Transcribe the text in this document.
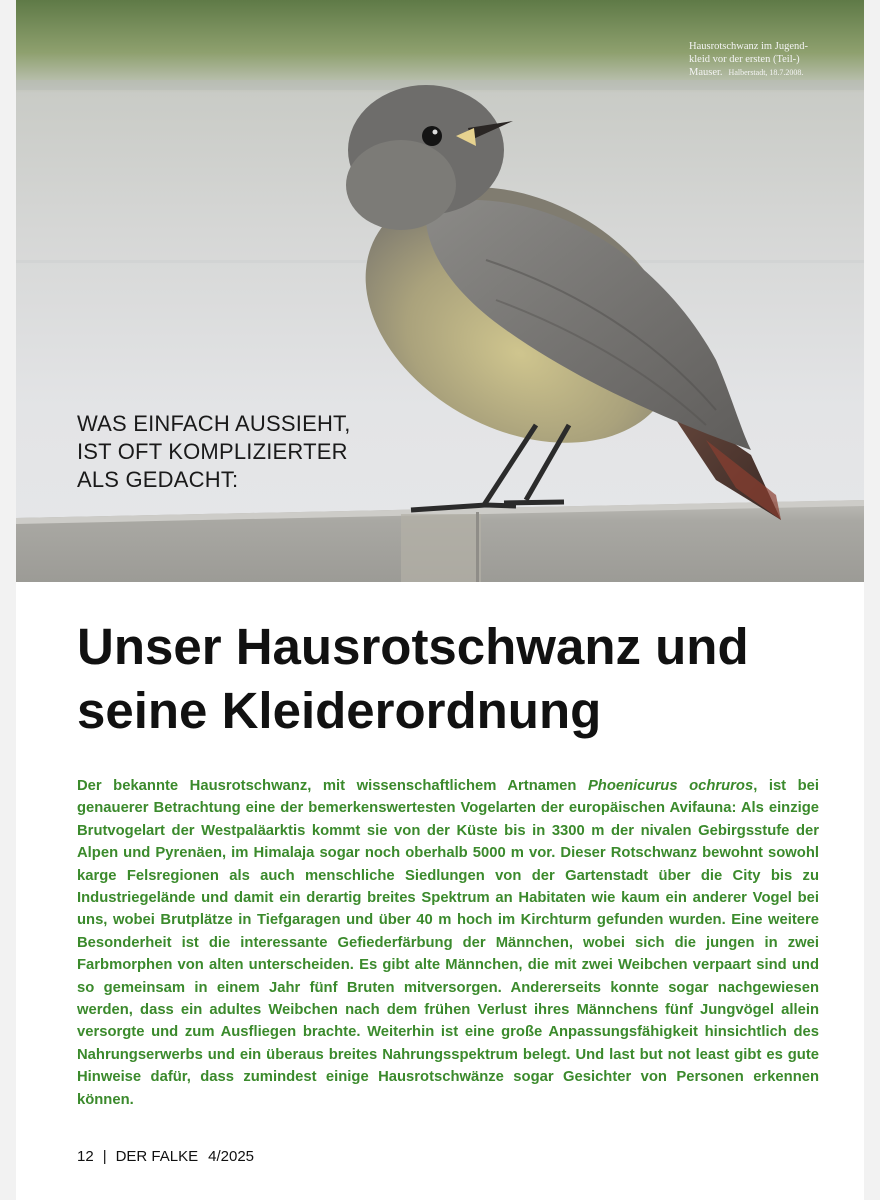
Hausrotschwanz im Jugend-
kleid vor der ersten (Teil-)
Mauser. Halberstadt, 18.7.2008.
WAS EINFACH AUSSIEHT,
IST OFT KOMPLIZIERTER
ALS GEDACHT:
Unser Hausrotschwanz und
seine Kleiderordnung

Der bekannte Hausrotschwanz, mit wissenschaftlichem Artnamen Phoenicurus ochruros, ist bei genauerer Betrachtung eine der bemerkenswertesten Vogelarten der europäischen Avifauna: Als einzige Brutvogelart der Westpaläarktis kommt sie von der Küste bis in 3300 m der nivalen Gebirgsstufe der Alpen und Pyrenäen, im Himalaja sogar noch oberhalb 5000 m vor. Dieser Rotschwanz bewohnt sowohl karge Felsregionen als auch menschliche Siedlungen von der Gartenstadt über die City bis zu Industriegelände und damit ein derartig breites Spektrum an Habitaten wie kaum ein anderer Vogel bei uns, wobei Brutplätze in Tiefgaragen und über 40 m hoch im Kirchturm gefunden wurden. Eine weitere Besonderheit ist die interessante Gefiederfärbung der Männchen, wobei sich die jungen in zwei Farbmorphen von alten unterscheiden. Es gibt alte Männchen, die mit zwei Weibchen verpaart sind und so gemeinsam in einem Jahr fünf Bruten mitversorgen. Andererseits konnte sogar nachgewiesen werden, dass ein adultes Weibchen nach dem frühen Verlust ihres Männchens fünf Jungvögel allein versorgte und zum Ausfliegen brachte. Weiterhin ist eine große Anpassungsfähigkeit hinsichtlich des Nahrungserwerbs und ein überaus breites Nahrungsspektrum belegt. Und last but not least gibt es gute Hinweise dafür, dass zumindest einige Hausrotschwänze sogar Gesichter von Personen erkennen können.

12 | DER FALKE 4/2025
